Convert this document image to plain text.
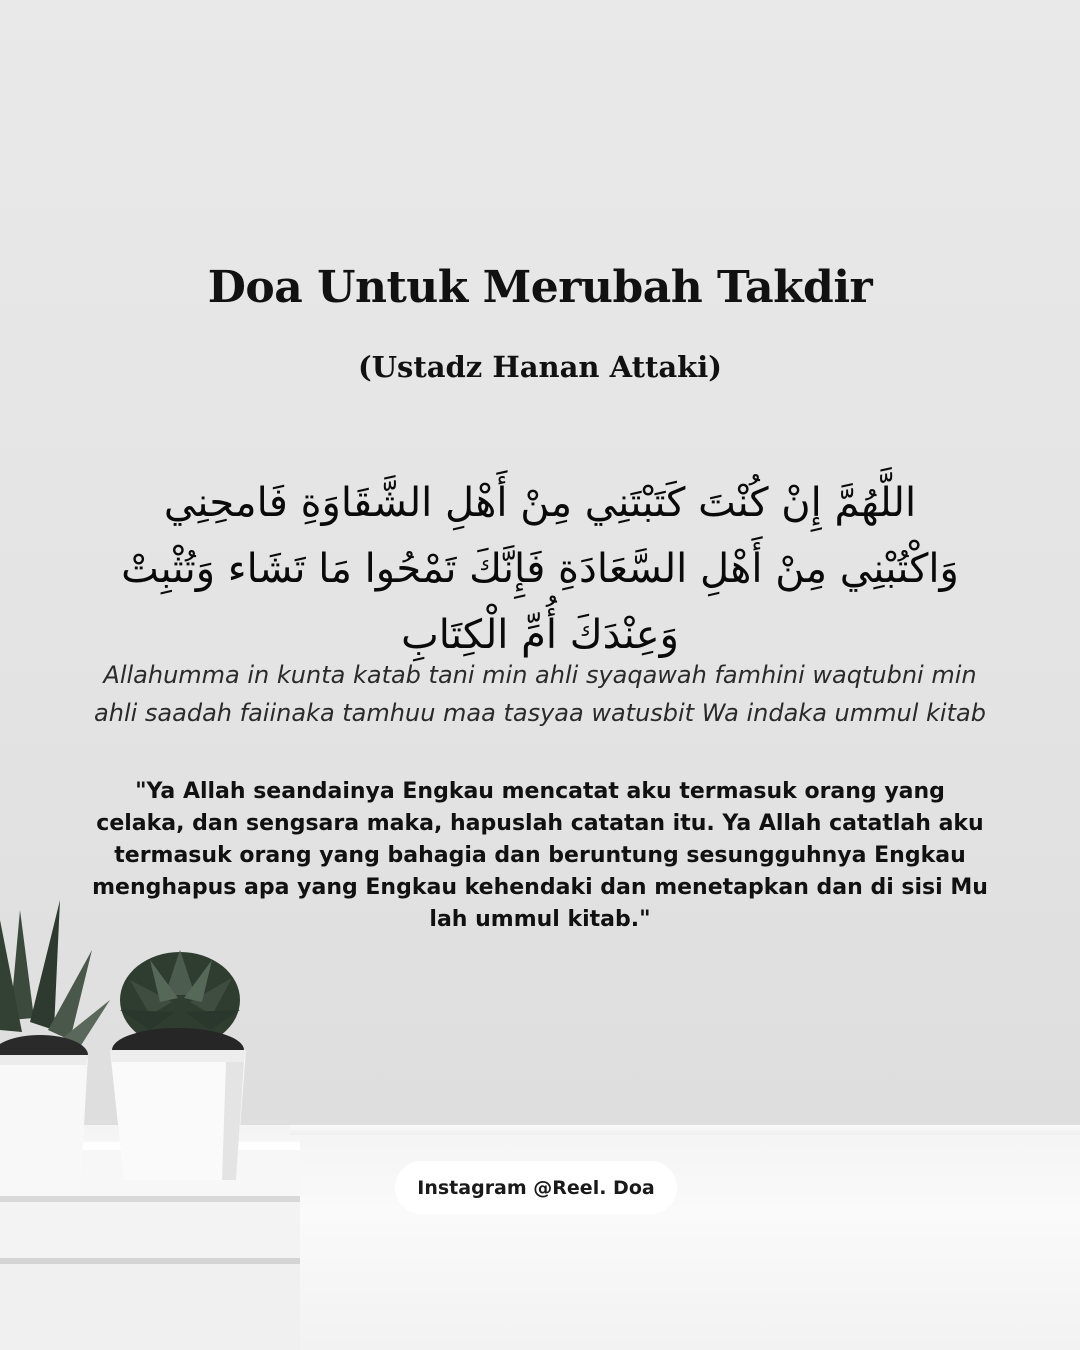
Doa Untuk Merubah Takdir
(Ustadz Hanan Attaki)
اللَّهُمَّ إِنْ كُنْتَ كَتَبْتَنِي مِنْ أَهْلِ الشَّقَاوَةِ فَامحِنِي وَاكْتُبْنِي مِنْ أَهْلِ السَّعَادَةِ فَإِنَّكَ تَمْحُوا مَا تَشَاء وَتُثْبِتْ وَعِنْدَكَ أُمِّ الْكِتَابِ
Allahumma in kunta katab tani min ahli syaqawah famhini waqtubni min ahli saadah faiinaka tamhuu maa tasyaa watusbit Wa indaka ummul kitab
"Ya Allah seandainya Engkau mencatat aku termasuk orang yang celaka, dan sengsara maka, hapuslah catatan itu. Ya Allah catatlah aku termasuk orang yang bahagia dan beruntung sesungguhnya Engkau menghapus apa yang Engkau kehendaki dan menetapkan dan di sisi Mu lah ummul kitab."
Instagram @Reel. Doa
